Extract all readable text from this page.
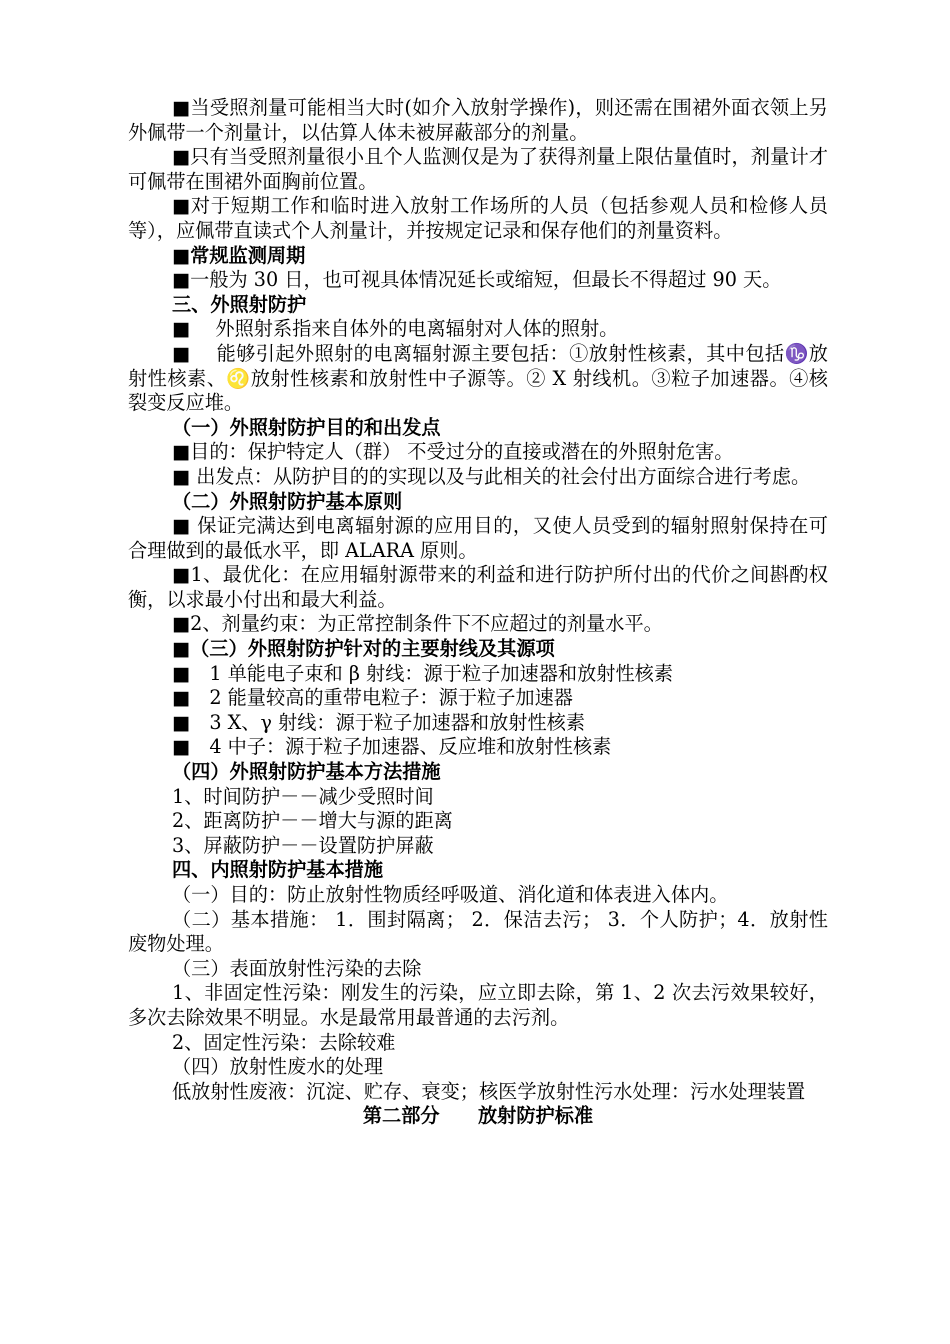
■当受照剂量可能相当大时(如介入放射学操作)，则还需在围裙外面衣领上另外佩带一个剂量计，以估算人体未被屏蔽部分的剂量。

■只有当受照剂量很小且个人监测仅是为了获得剂量上限估量值时，剂量计才可佩带在围裙外面胸前位置。

■对于短期工作和临时进入放射工作场所的人员（包括参观人员和检修人员等），应佩带直读式个人剂量计，并按规定记录和保存他们的剂量资料。

■常规监测周期

■一般为 30 日，也可视具体情况延长或缩短，但最长不得超过 90 天。

三、外照射防护

■　 外照射系指来自体外的电离辐射对人体的照射。

■　 能够引起外照射的电离辐射源主要包括：①放射性核素，其中包括♑放射性核素、♌放射性核素和放射性中子源等。② X 射线机。③粒子加速器。④核裂变反应堆。

（一）外照射防护目的和出发点

■目的：保护特定人（群） 不受过分的直接或潜在的外照射危害。

■ 出发点：从防护目的的实现以及与此相关的社会付出方面综合进行考虑。

（二）外照射防护基本原则

■ 保证完满达到电离辐射源的应用目的，又使人员受到的辐射照射保持在可合理做到的最低水平，即 ALARA 原则。

■1、最优化：在应用辐射源带来的利益和进行防护所付出的代价之间斟酌权衡，以求最小付出和最大利益。

■2、剂量约束：为正常控制条件下不应超过的剂量水平。

■（三）外照射防护针对的主要射线及其源项

■　1 单能电子束和 β 射线：源于粒子加速器和放射性核素

■　2 能量较高的重带电粒子：源于粒子加速器

■　3 X、γ 射线：源于粒子加速器和放射性核素

■　4 中子：源于粒子加速器、反应堆和放射性核素

（四）外照射防护基本方法措施

1、时间防护－－减少受照时间

2、距离防护－－增大与源的距离

3、屏蔽防护－－设置防护屏蔽

四、内照射防护基本措施

（一）目的：防止放射性物质经呼吸道、消化道和体表进入体内。

（二）基本措施： 1．围封隔离； 2．保洁去污； 3．个人防护；4．放射性废物处理。

（三）表面放射性污染的去除

1、非固定性污染：刚发生的污染，应立即去除，第 1、2 次去污效果较好，多次去除效果不明显。水是最常用最普通的去污剂。

2、固定性污染：去除较难

（四）放射性废水的处理

低放射性废液：沉淀、贮存、衰变；核医学放射性污水处理：污水处理装置

第二部分　　放射防护标准
